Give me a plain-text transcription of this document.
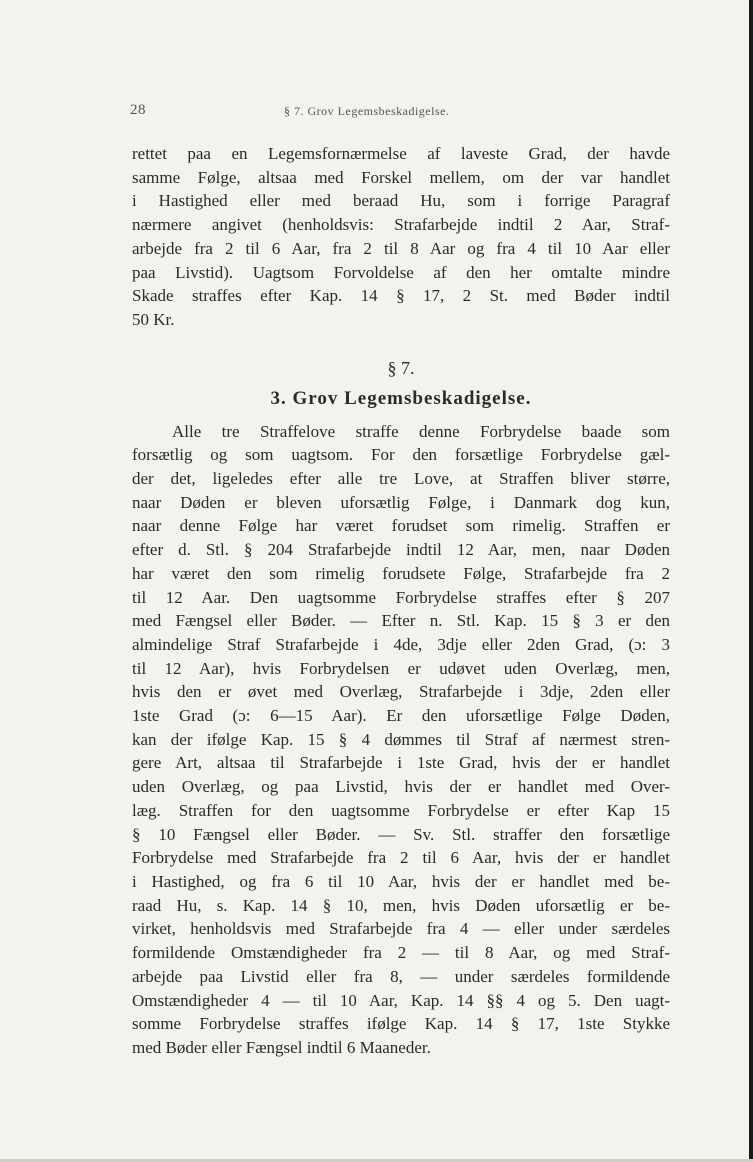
28	§ 7. Grov Legemsbeskadigelse.
rettet paa en Legemsfornærmelse af laveste Grad, der havde
samme Følge, altsaa med Forskel mellem, om der var handlet
i Hastighed eller med beraad Hu, som i forrige Paragraf
nærmere angivet (henholdsvis: Strafarbejde indtil 2 Aar, Straf-
arbejde fra 2 til 6 Aar, fra 2 til 8 Aar og fra 4 til 10 Aar eller
paa Livstid). Uagtsom Forvoldelse af den her omtalte mindre
Skade straffes efter Kap. 14 § 17, 2 St. med Bøder indtil
50 Kr.
§ 7.
3. Grov Legemsbeskadigelse.
Alle tre Straffelove straffe denne Forbrydelse baade som
forsætlig og som uagtsom. For den forsætlige Forbrydelse gæl-
der det, ligeledes efter alle tre Love, at Straffen bliver større,
naar Døden er bleven uforsætlig Følge, i Danmark dog kun,
naar denne Følge har været forudset som rimelig. Straffen er
efter d. Stl. § 204 Strafarbejde indtil 12 Aar, men, naar Døden
har været den som rimelig forudsete Følge, Strafarbejde fra 2
til 12 Aar. Den uagtsomme Forbrydelse straffes efter § 207
med Fængsel eller Bøder. — Efter n. Stl. Kap. 15 § 3 er den
almindelige Straf Strafarbejde i 4de, 3dje eller 2den Grad, (ɔ: 3
til 12 Aar), hvis Forbrydelsen er udøvet uden Overlæg, men,
hvis den er øvet med Overlæg, Strafarbejde i 3dje, 2den eller
1ste Grad (ɔ: 6—15 Aar). Er den uforsætlige Følge Døden,
kan der ifølge Kap. 15 § 4 dømmes til Straf af nærmest stren-
gere Art, altsaa til Strafarbejde i 1ste Grad, hvis der er handlet
uden Overlæg, og paa Livstid, hvis der er handlet med Over-
læg. Straffen for den uagtsomme Forbrydelse er efter Kap 15
§ 10 Fængsel eller Bøder. — Sv. Stl. straffer den forsætlige
Forbrydelse med Strafarbejde fra 2 til 6 Aar, hvis der er handlet
i Hastighed, og fra 6 til 10 Aar, hvis der er handlet med be-
raad Hu, s. Kap. 14 § 10, men, hvis Døden uforsætlig er be-
virket, henholdsvis med Strafarbejde fra 4 — eller under særdeles
formildende Omstændigheder fra 2 — til 8 Aar, og med Straf-
arbejde paa Livstid eller fra 8, — under særdeles formildende
Omstændigheder 4 — til 10 Aar, Kap. 14 §§ 4 og 5. Den uagt-
somme Forbrydelse straffes ifølge Kap. 14 § 17, 1ste Stykke
med Bøder eller Fængsel indtil 6 Maaneder.
